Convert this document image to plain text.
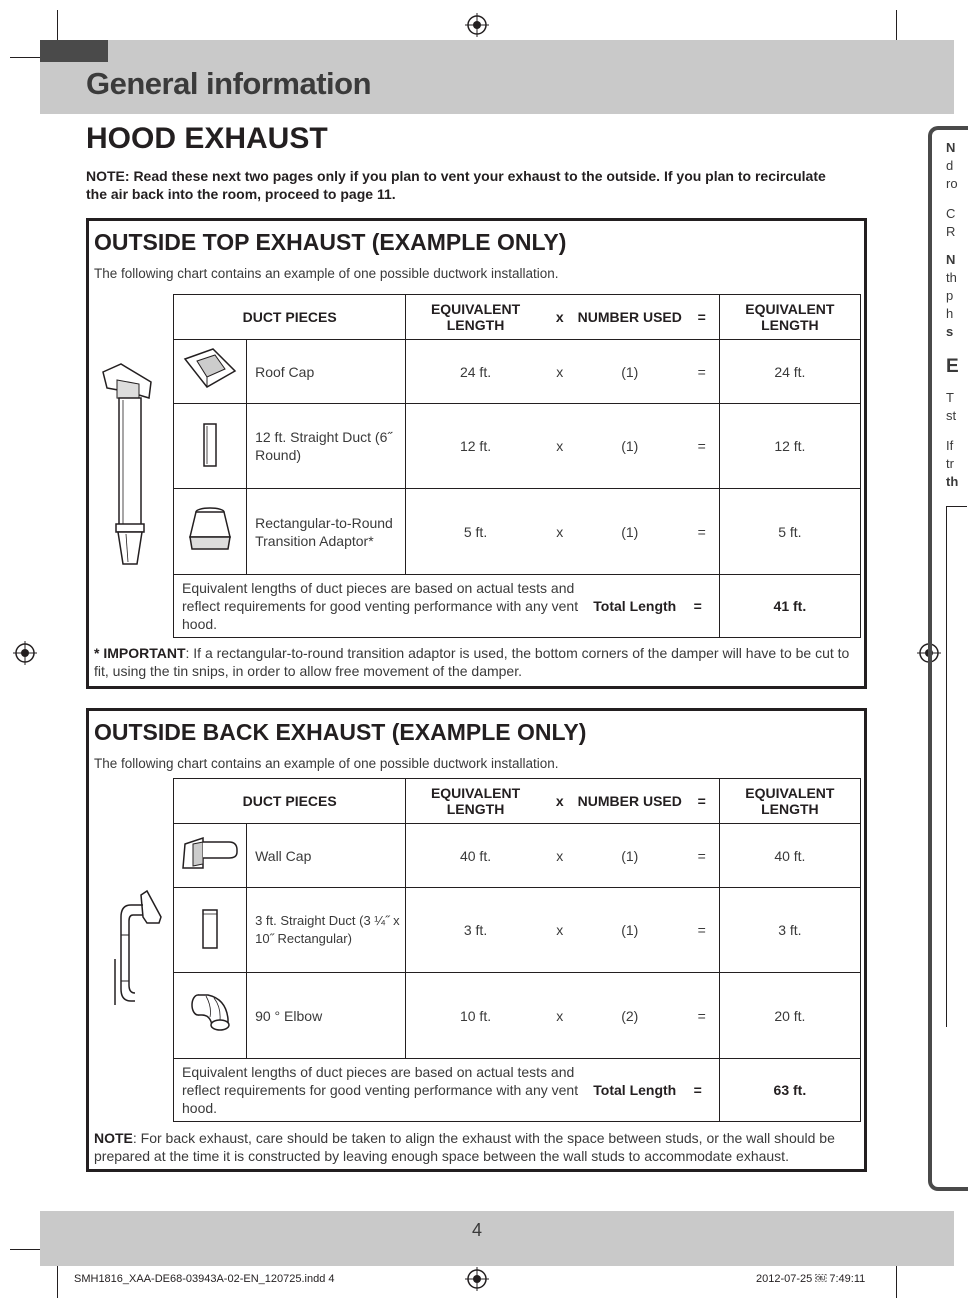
General information
HOOD EXHAUST
NOTE: Read these next two pages only if you plan to vent your exhaust to the outside. If you plan to recirculate the air back into the room, proceed to page 11.
N
d
ro
C
R
N
th
p
h
s
E
T
st
If
tr
th
OUTSIDE TOP EXHAUST (EXAMPLE ONLY)
The following chart contains an example of one possible ductwork installation.
DUCT PIECES		EQUIVALENT LENGTH x NUMBER USED =	EQUIVALENT LENGTH
	Roof Cap	24 ft. x (1) =	24 ft.
	12 ft. Straight Duct (6˝ Round)	12 ft. x (1) =	12 ft.
	Rectangular-to-Round Transition Adaptor*	5 ft. x (1) =	5 ft.

Equivalent lengths of duct pieces are based on actual tests and reflect requirements for good venting performance with any vent hood.
Total Length =			41 ft.
* IMPORTANT: If a rectangular-to-round transition adaptor is used, the bottom corners of the damper will have to be cut to fit, using the tin snips, in order to allow free movement of the damper.
OUTSIDE BACK EXHAUST (EXAMPLE ONLY)
The following chart contains an example of one possible ductwork installation.
DUCT PIECES		EQUIVALENT LENGTH x NUMBER USED =	EQUIVALENT LENGTH
	Wall Cap	40 ft. x (1) =	40 ft.
	3 ft. Straight Duct (3 ¼˝ x 10˝ Rectangular)	3 ft. x (1) =	3 ft.
	90 ° Elbow	10 ft. x (2) =	20 ft.

Equivalent lengths of duct pieces are based on actual tests and reflect requirements for good venting performance with any vent hood.
Total Length =			63 ft.
NOTE: For back exhaust, care should be taken to align the exhaust with the space between studs, or the wall should be prepared at the time it is constructed by leaving enough space between the wall studs to accommodate exhaust.
4
SMH1816_XAA-DE68-03943A-02-EN_120725.indd 4	2012-07-25 ￼ 7:49:11
